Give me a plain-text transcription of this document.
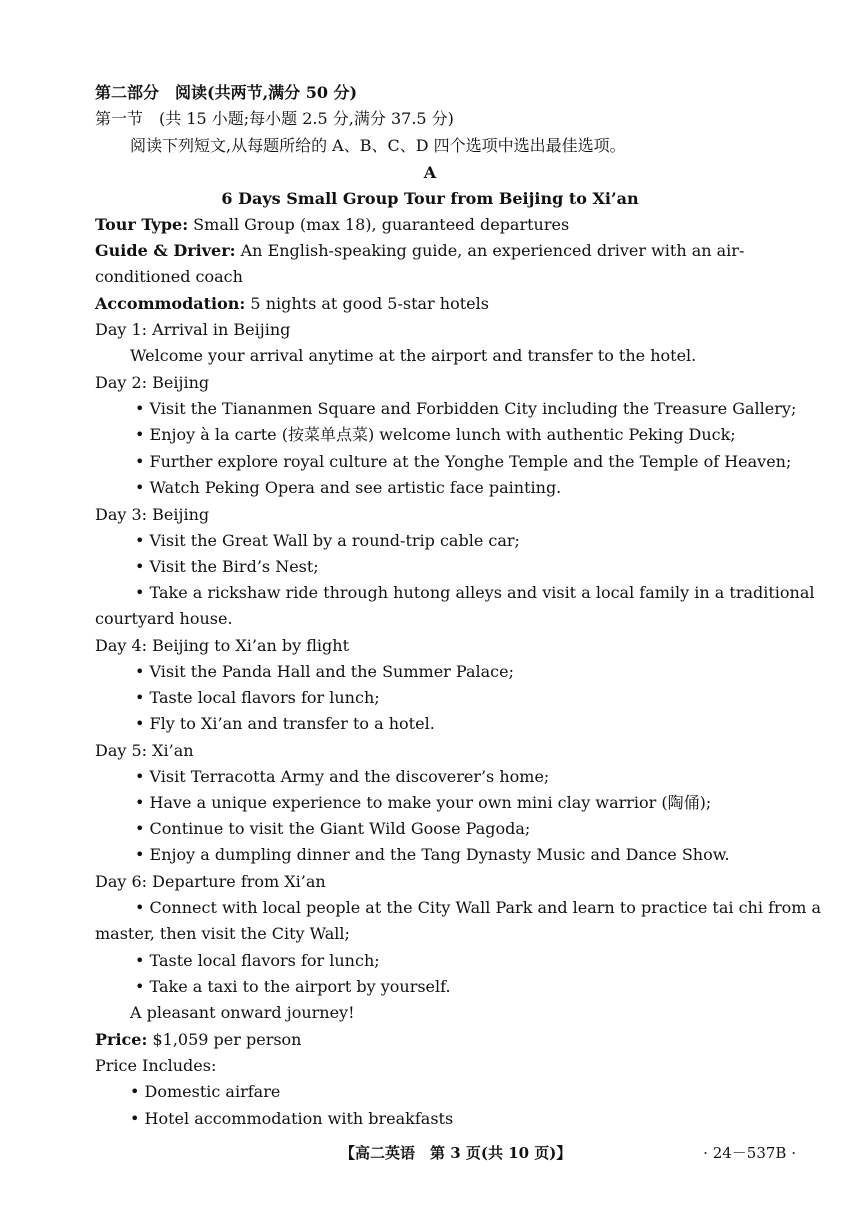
第二部分　阅读(共两节,满分 50 分)
第一节　(共 15 小题;每小题 2.5 分,满分 37.5 分)
阅读下列短文,从每题所给的 A、B、C、D 四个选项中选出最佳选项。
A
6 Days Small Group Tour from Beijing to Xi’an
Tour Type: Small Group (max 18), guaranteed departures
Guide & Driver: An English-speaking guide, an experienced driver with an air-conditioned coach
Accommodation: 5 nights at good 5-star hotels
Day 1: Arrival in Beijing
Welcome your arrival anytime at the airport and transfer to the hotel.
Day 2: Beijing
• Visit the Tiananmen Square and Forbidden City including the Treasure Gallery;
• Enjoy à la carte (按菜单点菜) welcome lunch with authentic Peking Duck;
• Further explore royal culture at the Yonghe Temple and the Temple of Heaven;
• Watch Peking Opera and see artistic face painting.
Day 3: Beijing
• Visit the Great Wall by a round-trip cable car;
• Visit the Bird’s Nest;
• Take a rickshaw ride through hutong alleys and visit a local family in a traditional
courtyard house.
Day 4: Beijing to Xi’an by flight
• Visit the Panda Hall and the Summer Palace;
• Taste local flavors for lunch;
• Fly to Xi’an and transfer to a hotel.
Day 5: Xi’an
• Visit Terracotta Army and the discoverer’s home;
• Have a unique experience to make your own mini clay warrior (陶俑);
• Continue to visit the Giant Wild Goose Pagoda;
• Enjoy a dumpling dinner and the Tang Dynasty Music and Dance Show.
Day 6: Departure from Xi’an
• Connect with local people at the City Wall Park and learn to practice tai chi from a
master, then visit the City Wall;
• Taste local flavors for lunch;
• Take a taxi to the airport by yourself.
A pleasant onward journey!
Price: $1,059 per person
Price Includes:
• Domestic airfare
• Hotel accommodation with breakfasts
【高二英语　第 3 页(共 10 页)】	· 24－537B ·
